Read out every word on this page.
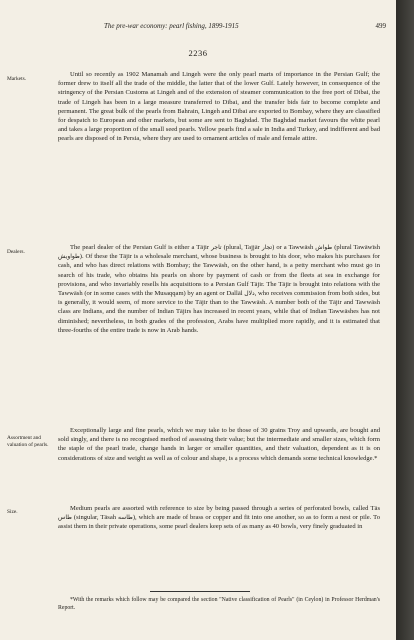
The pre-war economy: pearl fishing, 1899-1915	499
2236
Markets.
Until so recently as 1902 Manamah and Lingeh were the only pearl marts of importance in the Persian Gulf; the former drew to itself all the trade of the middle, the latter that of the lower Gulf. Lately however, in consequence of the stringency of the Persian Customs at Lingeh and of the extension of steamer communication to the free port of Dibai, the trade of Lingeh has been in a large measure transferred to Dibai, and the transfer bids fair to become complete and permanent. The great bulk of the pearls from Bahrain, Lingeh and Dibai are exported to Bombay, where they are classified for despatch to European and other markets, but some are sent to Baghdad. The Baghdad market favours the white pearl and takes a large proportion of the small seed pearls. Yellow pearls find a sale in India and Turkey, and indifferent and bad pearls are disposed of in Persia, where they are used to ornament articles of male and female attire.
Dealers.
The pearl dealer of the Persian Gulf is either a Tājir تاجر (plural, Tajjār تجار) or a Tawwāsh طواش (plural Tawāwīsh طواويش). Of these the Tājir is a wholesale merchant, whose business is brought to his door, who makes his purchases for cash, and who has direct relations with Bombay; the Tawwāsh, on the other hand, is a petty merchant who must go in search of his trade, who obtains his pearls on shore by payment of cash or from the fleets at sea in exchange for provisions, and who invariably resells his acquisitions to a Persian Gulf Tājir. The Tājir is brought into relations with the Tawwāsh (or in some cases with the Musaqqam) by an agent or Dallāl دلال, who receives commission from both sides, but is generally, it would seem, of more service to the Tājir than to the Tawwāsh. A number both of the Tājir and Tawwāsh class are Indians, and the number of Indian Tājirs has increased in recent years, while that of Indian Tawwāshes has not diminished; nevertheless, in both grades of the profession, Arabs have multiplied more rapidly, and it is estimated that three-fourths of the entire trade is now in Arab hands.
Assortment and valuation of pearls.
Exceptionally large and fine pearls, which we may take to be those of 30 grains Troy and upwards, are bought and sold singly, and there is no recognised method of assessing their value; but the intermediate and smaller sizes, which form the staple of the pearl trade, change hands in larger or smaller quantities, and their valuation, dependent as it is on considerations of size and weight as well as of colour and shape, is a process which demands some technical knowledge.*
Size.	Medium pearls are assorted with reference to size by being passed through a series of perforated bowls, called Tās طاس (singular, Tāsah طاسه), which are made of brass or copper and fit into one another, so as to form a nest or pile. To assist them in their private operations, some pearl dealers keep sets of as many as 40 bowls, very finely graduated in
*With the remarks which follow may be compared the section "Native classification of Pearls" (in Ceylon) in Professor Herdman's Report.
